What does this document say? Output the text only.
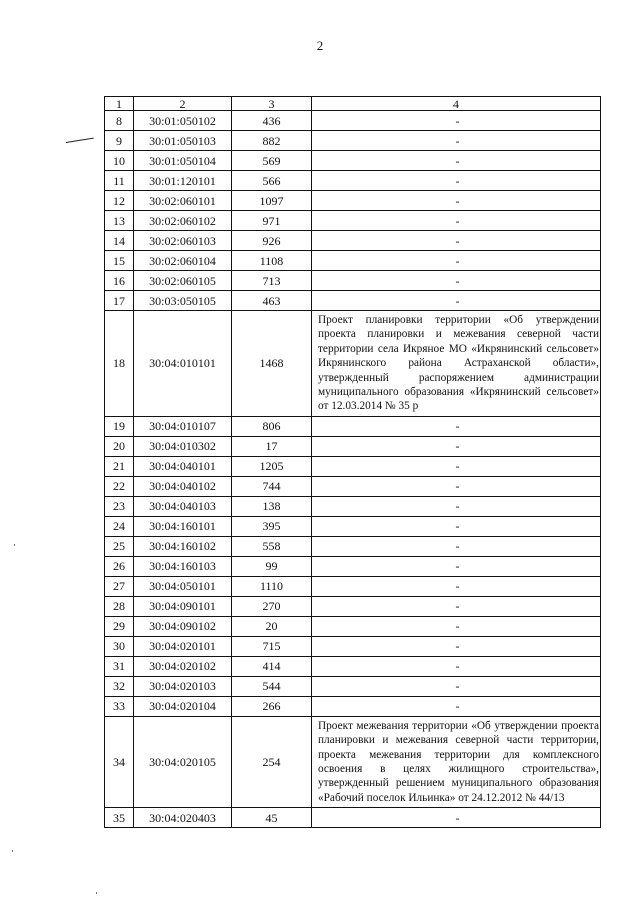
2
1	2	3	4
8	30:01:050102	436	-
9	30:01:050103	882	-
10	30:01:050104	569	-
11	30:01:120101	566	-
12	30:02:060101	1097	-
13	30:02:060102	971	-
14	30:02:060103	926	-
15	30:02:060104	1108	-
16	30:02:060105	713	-
17	30:03:050105	463	-
18	30:04:010101	1468	Проект планировки территории «Об утверждении проекта планировки и межевания северной части территории села Икряное МО «Икрянинский сельсовет» Икрянинского района Астраханской области», утвержденный распоряжением администрации муниципального образования «Икрянинский сельсовет» от 12.03.2014 № 35 р
19	30:04:010107	806	-
20	30:04:010302	17	-
21	30:04:040101	1205	-
22	30:04:040102	744	-
23	30:04:040103	138	-
24	30:04:160101	395	-
25	30:04:160102	558	-
26	30:04:160103	99	-
27	30:04:050101	1110	-
28	30:04:090101	270	-
29	30:04:090102	20	-
30	30:04:020101	715	-
31	30:04:020102	414	-
32	30:04:020103	544	-
33	30:04:020104	266	-
34	30:04:020105	254	Проект межевания территории «Об утверждении проекта планировки и межевания северной части территории, проекта межевания территории для комплексного освоения в целях жилищного строительства», утвержденный решением муниципального образования «Рабочий поселок Ильинка» от 24.12.2012 № 44/13
35	30:04:020403	45	-
